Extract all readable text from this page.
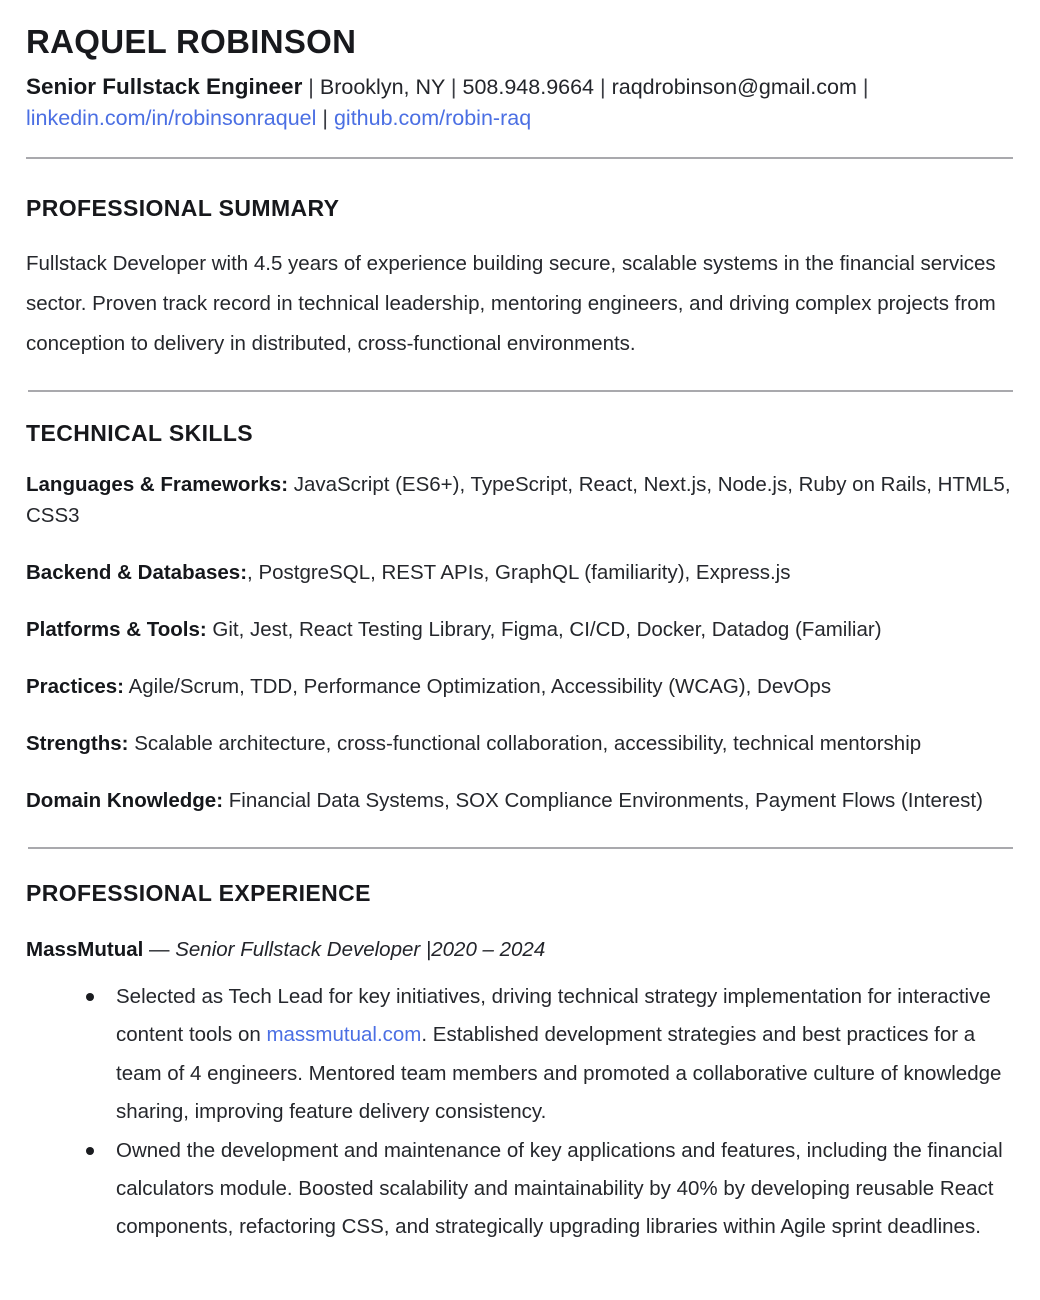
RAQUEL ROBINSON

Senior Fullstack Engineer | Brooklyn, NY | 508.948.9664 | raqdrobinson@gmail.com | linkedin.com/in/robinsonraquel | github.com/robin-raq

PROFESSIONAL SUMMARY

Fullstack Developer with 4.5 years of experience building secure, scalable systems in the financial services sector. Proven track record in technical leadership, mentoring engineers, and driving complex projects from conception to delivery in distributed, cross-functional environments.

TECHNICAL SKILLS

Languages & Frameworks: JavaScript (ES6+), TypeScript, React, Next.js, Node.js, Ruby on Rails, HTML5, CSS3

Backend & Databases:, PostgreSQL, REST APIs, GraphQL (familiarity), Express.js

Platforms & Tools: Git, Jest, React Testing Library, Figma, CI/CD, Docker, Datadog (Familiar)

Practices: Agile/Scrum, TDD, Performance Optimization, Accessibility (WCAG), DevOps

Strengths: Scalable architecture, cross-functional collaboration, accessibility, technical mentorship

Domain Knowledge: Financial Data Systems, SOX Compliance Environments, Payment Flows (Interest)

PROFESSIONAL EXPERIENCE

MassMutual — Senior Fullstack Developer |2020 – 2024

Selected as Tech Lead for key initiatives, driving technical strategy implementation for interactive content tools on massmutual.com. Established development strategies and best practices for a team of 4 engineers. Mentored team members and promoted a collaborative culture of knowledge sharing, improving feature delivery consistency.
Owned the development and maintenance of key applications and features, including the financial calculators module. Boosted scalability and maintainability by 40% by developing reusable React components, refactoring CSS, and strategically upgrading libraries within Agile sprint deadlines.
